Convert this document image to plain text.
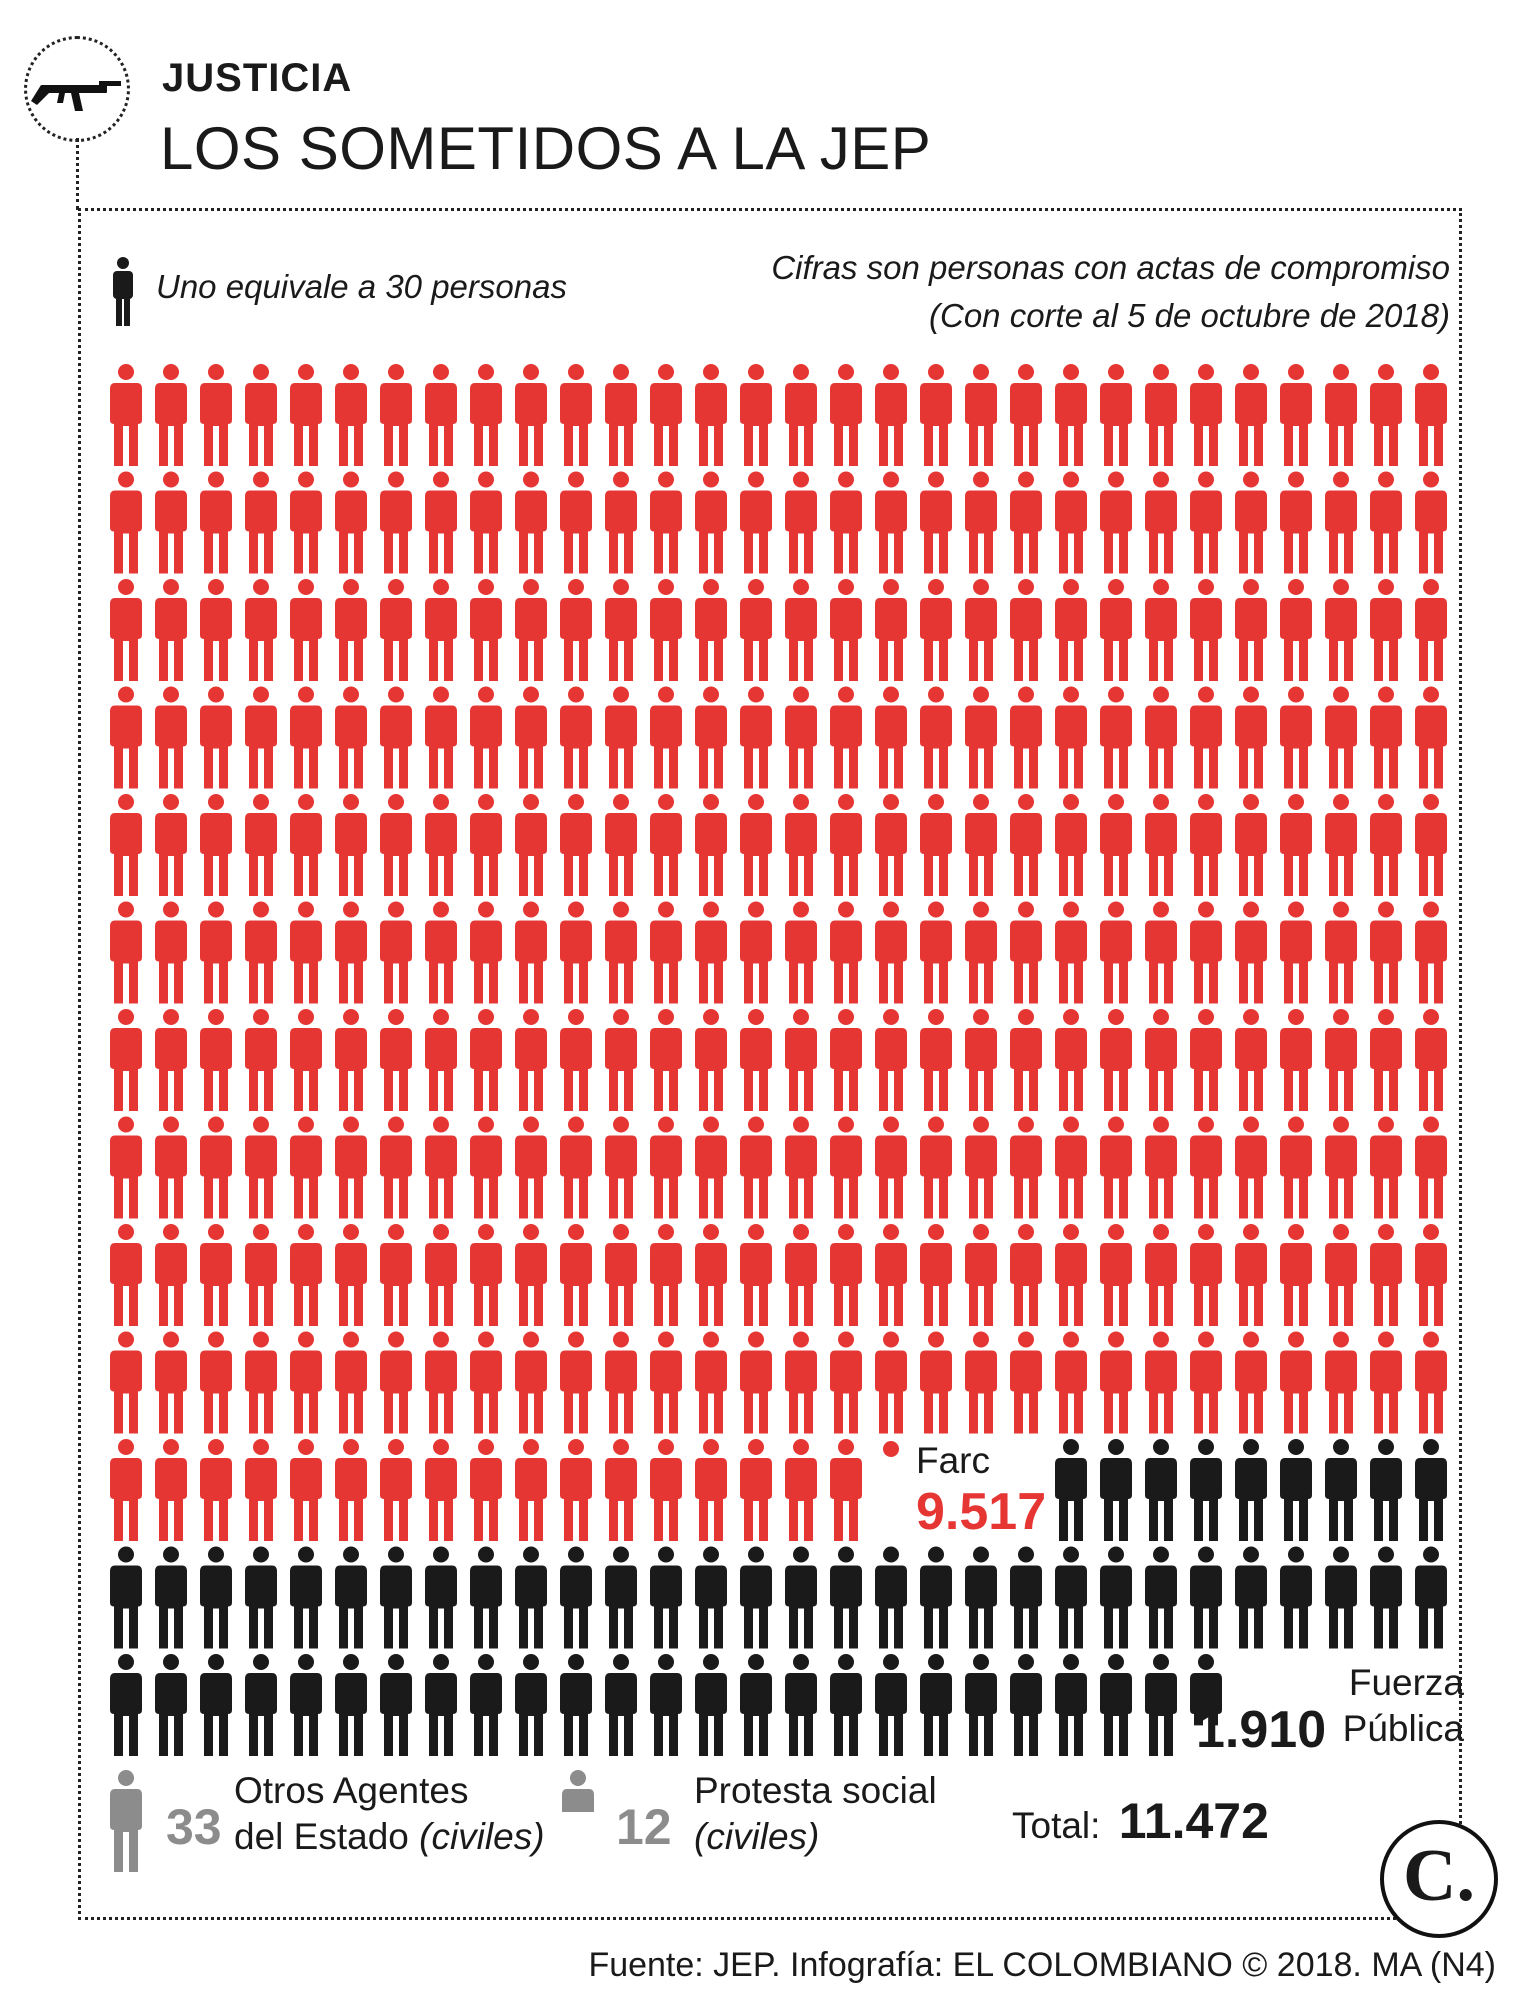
JUSTICIA
LOS SOMETIDOS A LA JEP
Uno equivale a 30 personas
Cifras son personas con actas de compromiso
(Con corte al 5 de octubre de 2018)
Farc
9.517
1.910
Fuerza
Pública
33
Otros Agentes
del Estado (civiles) 12
Protesta social
(civiles)	Total: 11.472
C.
Fuente: JEP. Infografía: EL COLOMBIANO © 2018. MA (N4)
